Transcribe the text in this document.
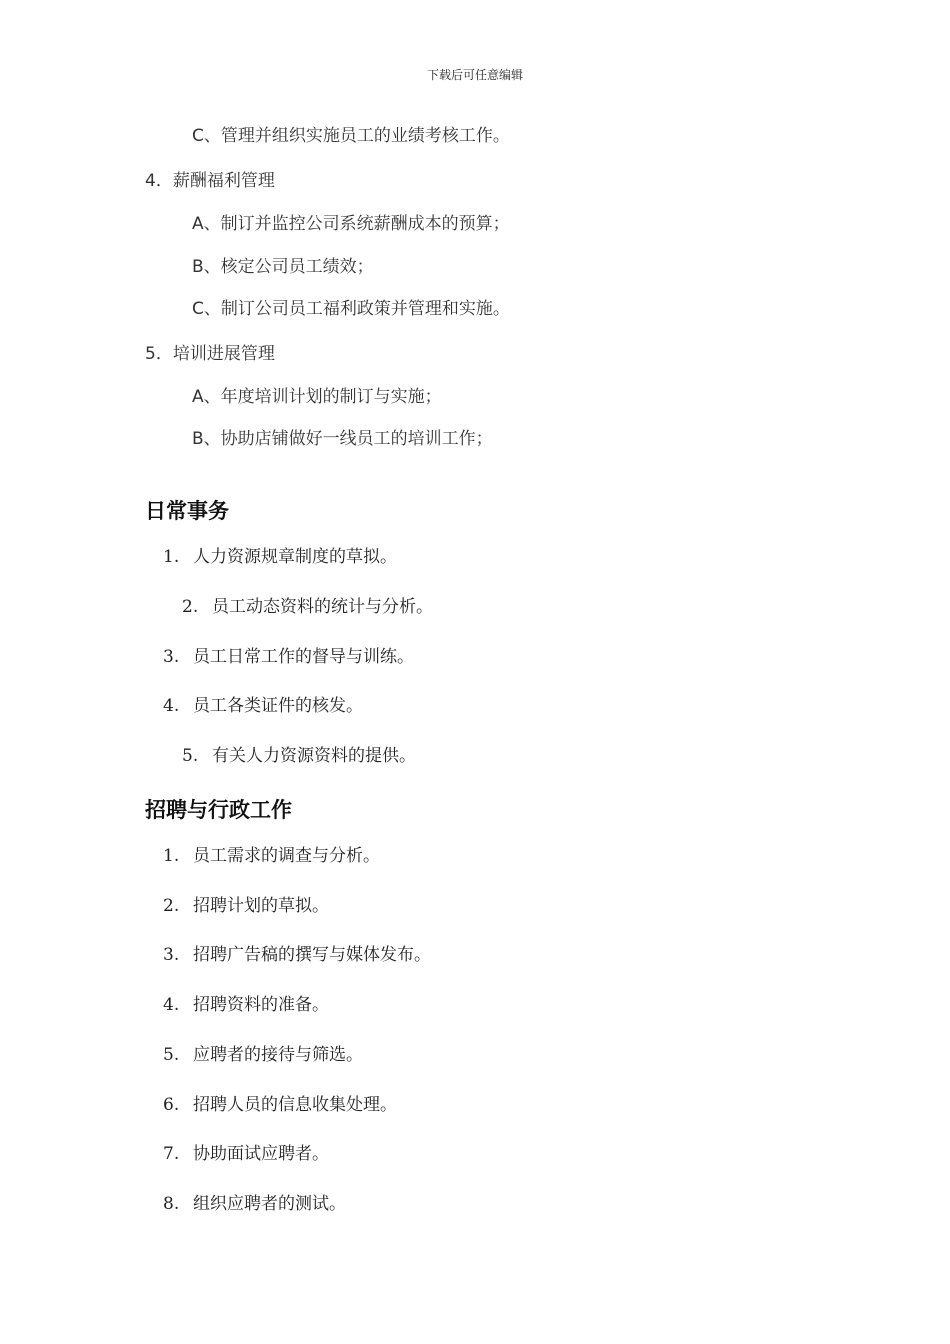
下载后可任意编辑
C、管理并组织实施员工的业绩考核工作。
4．薪酬福利管理
A、制订并监控公司系统薪酬成本的预算；
B、核定公司员工绩效；
C、制订公司员工福利政策并管理和实施。
5．培训进展管理
A、年度培训计划的制订与实施；
B、协助店铺做好一线员工的培训工作；
日常事务
1. 人力资源规章制度的草拟。
2. 员工动态资料的统计与分析。
3. 员工日常工作的督导与训练。
4. 员工各类证件的核发。
5. 有关人力资源资料的提供。
招聘与行政工作
1. 员工需求的调查与分析。
2. 招聘计划的草拟。
3. 招聘广告稿的撰写与媒体发布。
4. 招聘资料的准备。
5. 应聘者的接待与筛选。
6. 招聘人员的信息收集处理。
7. 协助面试应聘者。
8. 组织应聘者的测试。
